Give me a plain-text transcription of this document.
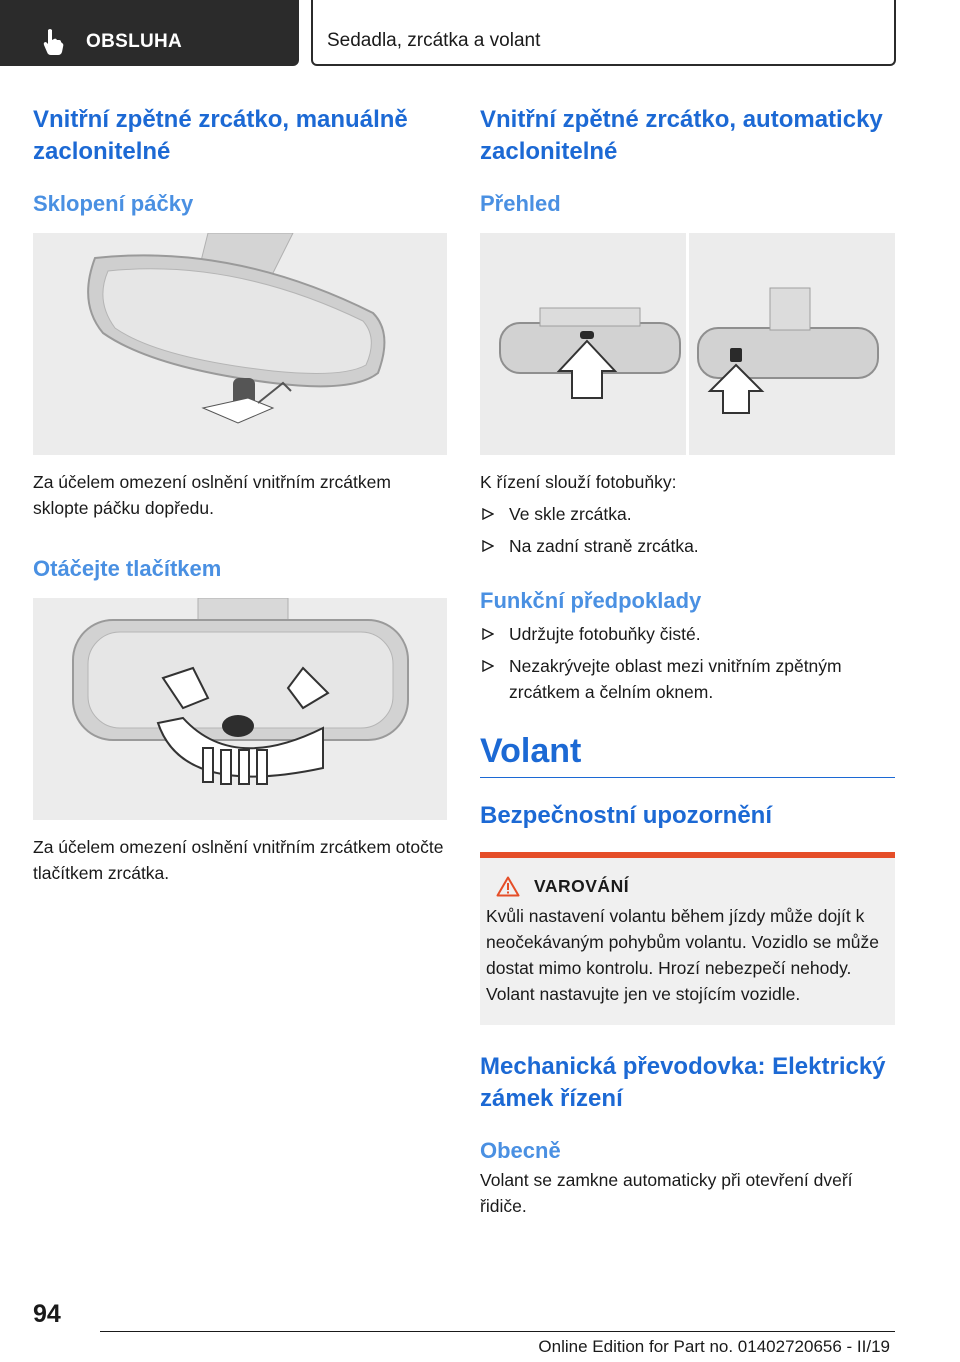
OBSLUHA	Sedadla, zrcátka a volant
Vnitřní zpětné zrcátko, manuálně zaclonitelné
Sklopení páčky

Za účelem omezení oslnění vnitřním zrcátkem sklopte páčku dopředu.

Otáčejte tlačítkem

Za účelem omezení oslnění vnitřním zrcátkem otočte tlačítkem zrcátka.

Vnitřní zpětné zrcátko, automaticky zaclonitelné
Přehled

K řízení slouží fotobuňky:

Ve skle zrcátka.
Na zadní straně zrcátka.
Funkční předpoklady
Udržujte fotobuňky čisté.
Nezakrývejte oblast mezi vnitřním zpětným zrcátkem a čelním oknem.
Volant
Bezpečnostní upozornění
VAROVÁNÍ

Kvůli nastavení volantu během jízdy může dojít k neočekávaným pohybům volantu. Vozidlo se může dostat mimo kontrolu. Hrozí nebezpečí nehody. Volant nastavujte jen ve stojícím vozidle.

Mechanická převodovka: Elektrický zámek řízení
Obecně

Volant se zamkne automaticky při otevření dveří řidiče.

94
Online Edition for Part no. 01402720656 - II/19
